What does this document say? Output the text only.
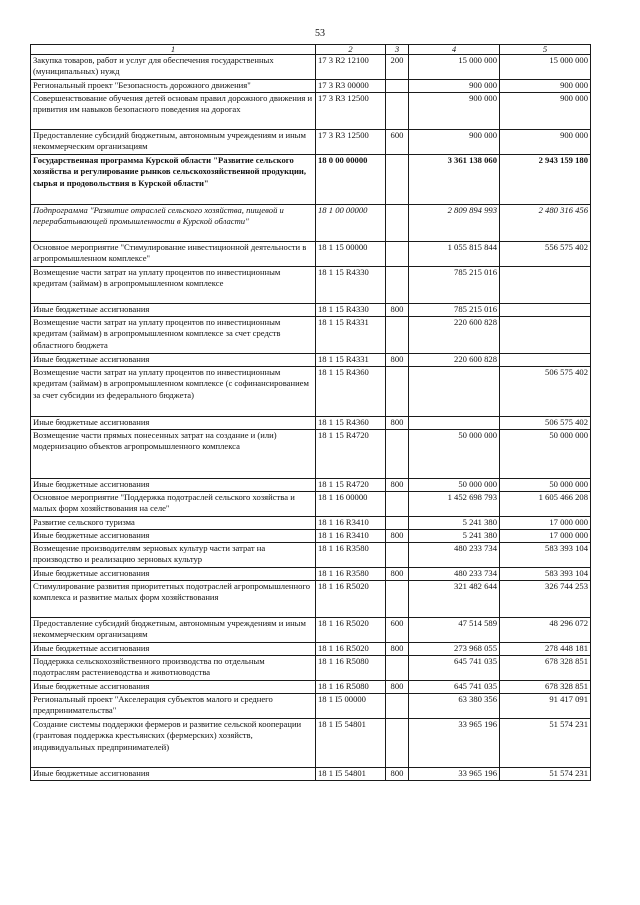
53
1	2	3	4	5
Закупка товаров, работ и услуг для обеспечения государственных (муниципальных) нужд	17 3 R2 12100	200	15 000 000	15 000 000
Региональный проект "Безопасность дорожного движения"	17 3 R3 00000		900 000	900 000
Совершенствование обучения детей основам правил дорожного движения и привития им навыков безопасного поведения на дорогах	17 3 R3 12500		900 000	900 000
Предоставление субсидий бюджетным, автономным учреждениям и иным некоммерческим организациям	17 3 R3 12500	600	900 000	900 000
Государственная программа Курской области "Развитие сельского хозяйства и регулирование рынков сельскохозяйственной продукции, сырья и продовольствия в Курской области"	18 0 00 00000		3 361 138 060	2 943 159 180
Подпрограмма "Развитие отраслей сельского хозяйства, пищевой и перерабатывающей промышленности в Курской области"	18 1 00 00000		2 809 894 993	2 480 316 456
Основное мероприятие "Стимулирование инвестиционной деятельности в агропромышленном комплексе"	18 1 15 00000		1 055 815 844	556 575 402
Возмещение части затрат на уплату процентов по инвестиционным кредитам (займам) в агропромышленном комплексе	18 1 15 R4330		785 215 016	
Иные бюджетные ассигнования	18 1 15 R4330	800	785 215 016	
Возмещение части затрат на уплату процентов по инвестиционным кредитам (займам) в агропромышленном комплексе за счет средств областного бюджета	18 1 15 R4331		220 600 828	
Иные бюджетные ассигнования	18 1 15 R4331	800	220 600 828	
Возмещение части затрат на уплату процентов по инвестиционным кредитам (займам) в агропромышленном комплексе (с софинансированием за счет субсидии из федерального бюджета)	18 1 15 R4360			506 575 402
Иные бюджетные ассигнования	18 1 15 R4360	800		506 575 402
Возмещение части прямых понесенных затрат на создание и (или) модернизацию объектов агропромышленного комплекса	18 1 15 R4720		50 000 000	50 000 000
Иные бюджетные ассигнования	18 1 15 R4720	800	50 000 000	50 000 000
Основное мероприятие "Поддержка подотраслей сельского хозяйства и малых форм хозяйствования на селе"	18 1 16 00000		1 452 698 793	1 605 466 208
Развитие сельского туризма	18 1 16 R3410		5 241 380	17 000 000
Иные бюджетные ассигнования	18 1 16 R3410	800	5 241 380	17 000 000
Возмещение производителям зерновых культур части затрат на производство и реализацию зерновых культур	18 1 16 R3580		480 233 734	583 393 104
Иные бюджетные ассигнования	18 1 16 R3580	800	480 233 734	583 393 104
Стимулирование развития приоритетных подотраслей агропромышленного комплекса и развитие малых форм хозяйствования	18 1 16 R5020		321 482 644	326 744 253
Предоставление субсидий бюджетным, автономным учреждениям и иным некоммерческим организациям	18 1 16 R5020	600	47 514 589	48 296 072
Иные бюджетные ассигнования	18 1 16 R5020	800	273 968 055	278 448 181
Поддержка сельскохозяйственного производства по отдельным подотраслям растениеводства и животноводства	18 1 16 R5080		645 741 035	678 328 851
Иные бюджетные ассигнования	18 1 16 R5080	800	645 741 035	678 328 851
Региональный проект "Акселерация субъектов малого и среднего предпринимательства"	18 1 I5 00000		63 380 356	91 417 091
Создание системы поддержки фермеров и развитие сельской кооперации (грантовая поддержка крестьянских (фермерских) хозяйств, индивидуальных предпринимателей)	18 1 I5 54801		33 965 196	51 574 231
Иные бюджетные ассигнования	18 1 I5 54801	800	33 965 196	51 574 231
